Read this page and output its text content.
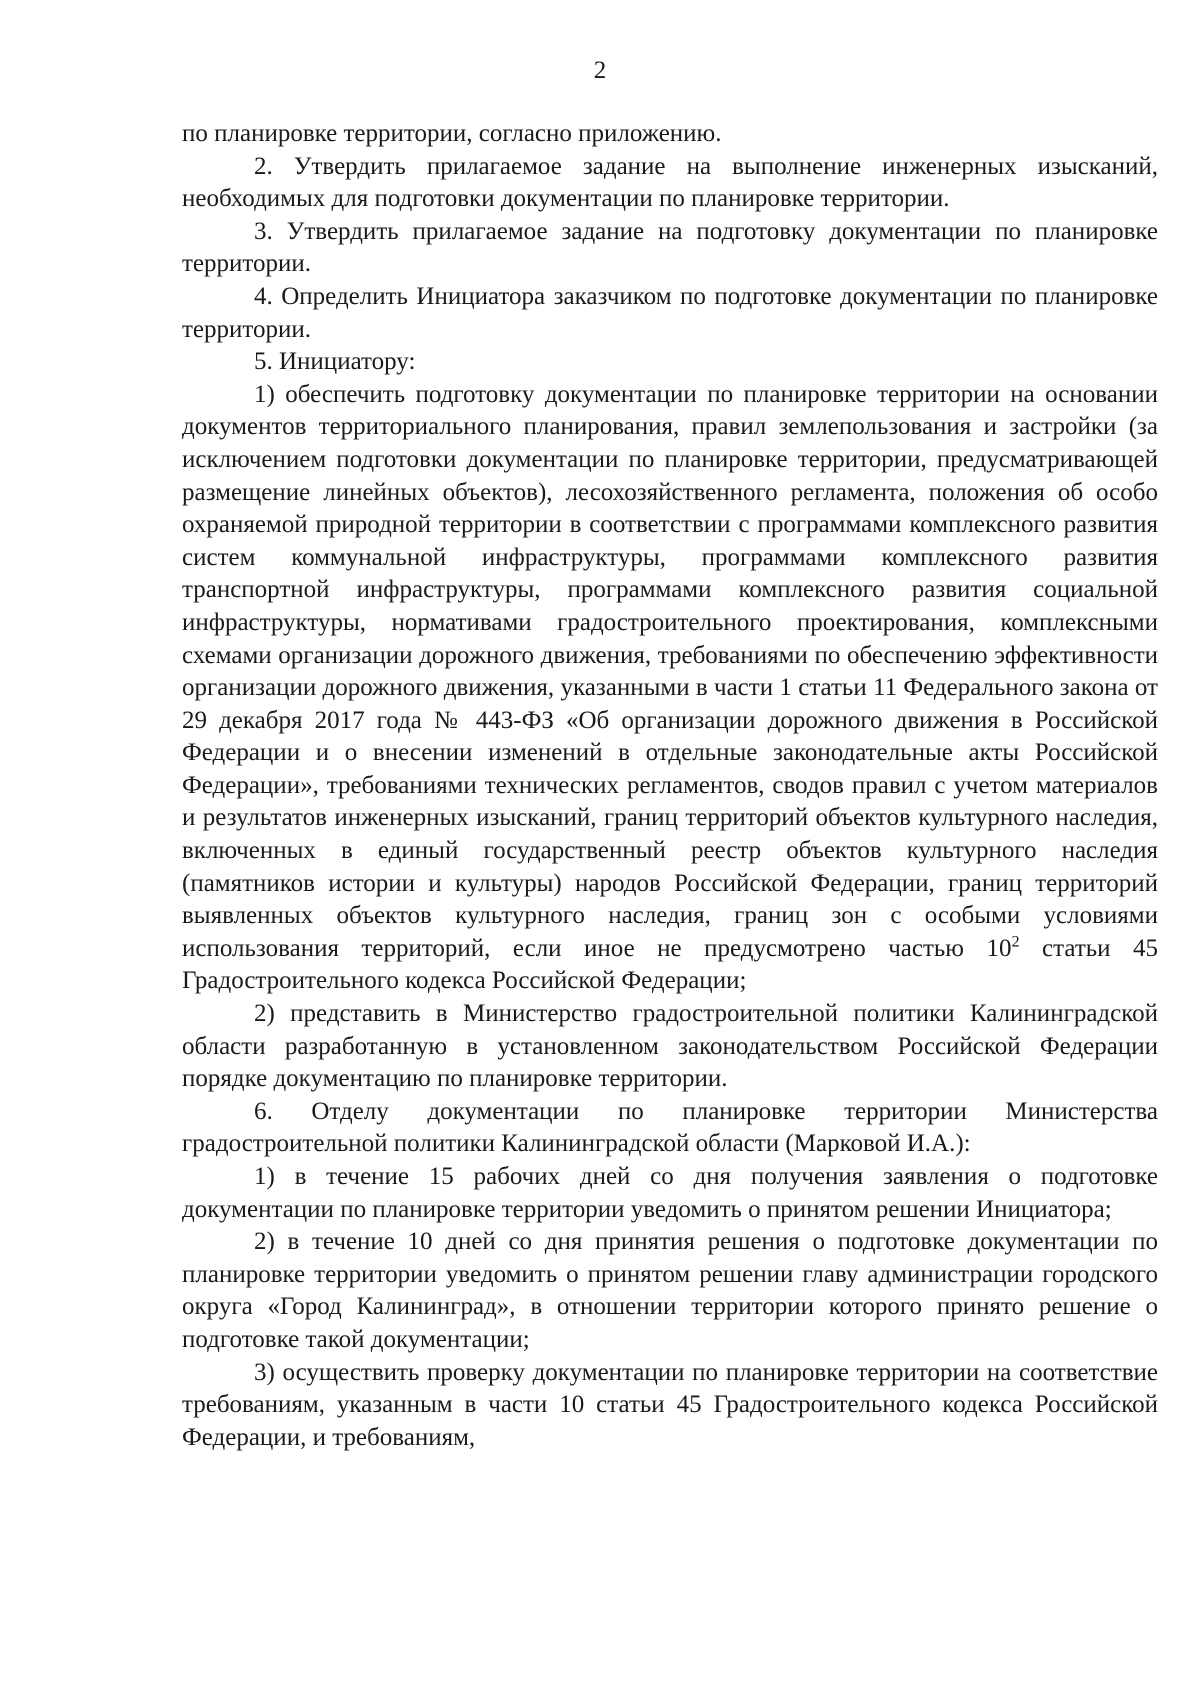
2

по планировке территории, согласно приложению.

2. Утвердить прилагаемое задание на выполнение инженерных изысканий, необходимых для подготовки документации по планировке территории.

3. Утвердить прилагаемое задание на подготовку документации по планировке территории.

4. Определить Инициатора заказчиком по подготовке документации по планировке территории.

5. Инициатору:

1) обеспечить подготовку документации по планировке территории на основании документов территориального планирования, правил землепользования и застройки (за исключением подготовки документации по планировке территории, предусматривающей размещение линейных объектов), лесохозяйственного регламента, положения об особо охраняемой природной территории в соответствии с программами комплексного развития систем коммунальной инфраструктуры, программами комплексного развития транспортной инфраструктуры, программами комплексного развития социальной инфраструктуры, нормативами градостроительного проектирования, комплексными схемами организации дорожного движения, требованиями по обеспечению эффективности организации дорожного движения, указанными в части 1 статьи 11 Федерального закона от 29 декабря 2017 года № 443-ФЗ «Об организации дорожного движения в Российской Федерации и о внесении изменений в отдельные законодательные акты Российской Федерации», требованиями технических регламентов, сводов правил с учетом материалов и результатов инженерных изысканий, границ территорий объектов культурного наследия, включенных в единый государственный реестр объектов культурного наследия (памятников истории и культуры) народов Российской Федерации, границ территорий выявленных объектов культурного наследия, границ зон с особыми условиями использования территорий, если иное не предусмотрено частью $10^2$ статьи 45 Градостроительного кодекса Российской Федерации;

2) представить в Министерство градостроительной политики Калининградской области разработанную в установленном законодательством Российской Федерации порядке документацию по планировке территории.

6. Отделу документации по планировке территории Министерства градостроительной политики Калининградской области (Марковой И.А.):

1) в течение 15 рабочих дней со дня получения заявления о подготовке документации по планировке территории уведомить о принятом решении Инициатора;

2) в течение 10 дней со дня принятия решения о подготовке документации по планировке территории уведомить о принятом решении главу администрации городского округа «Город Калининград», в отношении территории которого принято решение о подготовке такой документации;

3) осуществить проверку документации по планировке территории на соответствие требованиям, указанным в части 10 статьи 45 Градостроительного кодекса Российской Федерации, и требованиям,
